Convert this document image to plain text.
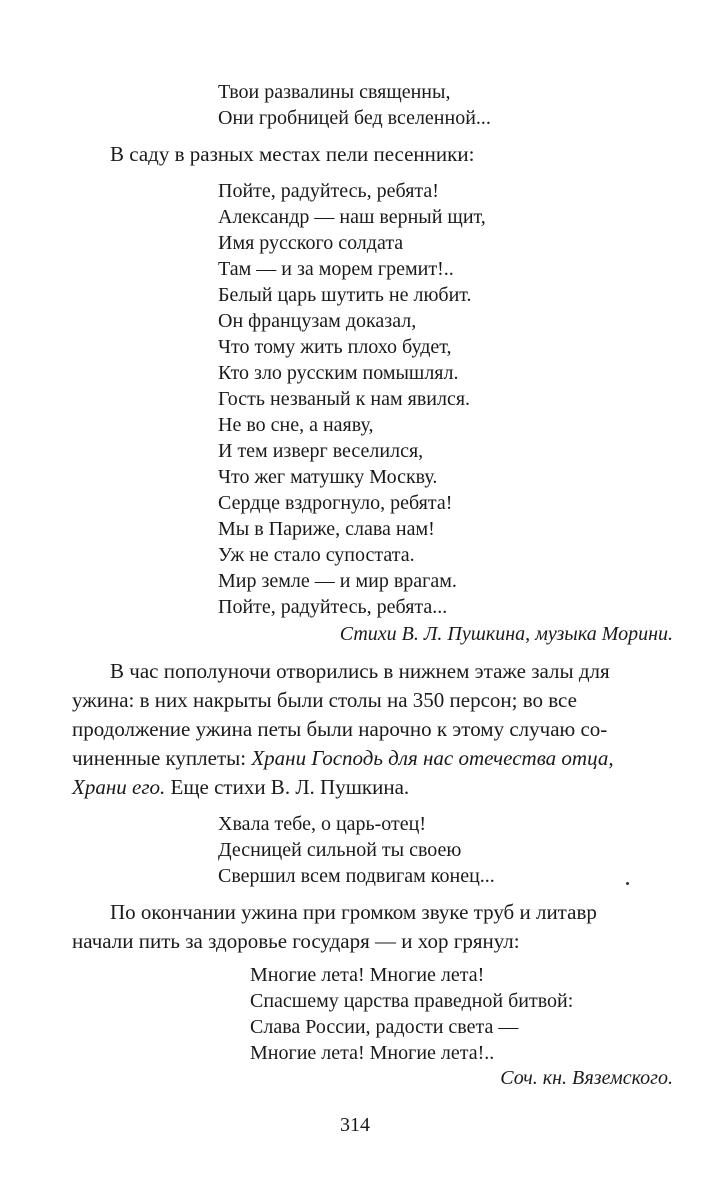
Твои развалины священны,
Они гробницей бед вселенной...
В саду в разных местах пели песенники:
Пойте, радуйтесь, ребята!
Александр — наш верный щит,
Имя русского солдата
Там — и за морем гремит!..
Белый царь шутить не любит.
Он французам доказал,
Что тому жить плохо будет,
Кто зло русским помышлял.
Гость незваный к нам явился.
Не во сне, а наяву,
И тем изверг веселился,
Что жег матушку Москву.
Сердце вздрогнуло, ребята!
Мы в Париже, слава нам!
Уж не стало супостата.
Мир земле — и мир врагам.
Пойте, радуйтесь, ребята...
Стихи В. Л. Пушкина, музыка Морини.
В час пополуночи отворились в нижнем этаже залы для
ужина: в них накрыты были столы на 350 персон; во все
продолжение ужина петы были нарочно к этому случаю со-
чиненные куплеты: Храни Господь для нас отечества отца,
Храни его. Еще стихи В. Л. Пушкина.
Хвала тебе, о царь-отец!
Десницей сильной ты своею
Свершил всем подвигам конец...
По окончании ужина при громком звуке труб и литавр
начали пить за здоровье государя — и хор грянул:
Многие лета! Многие лета!
Спасшему царства праведной битвой:
Слава России, радости света —
Многие лета! Многие лета!..
Соч. кн. Вяземского.
314
